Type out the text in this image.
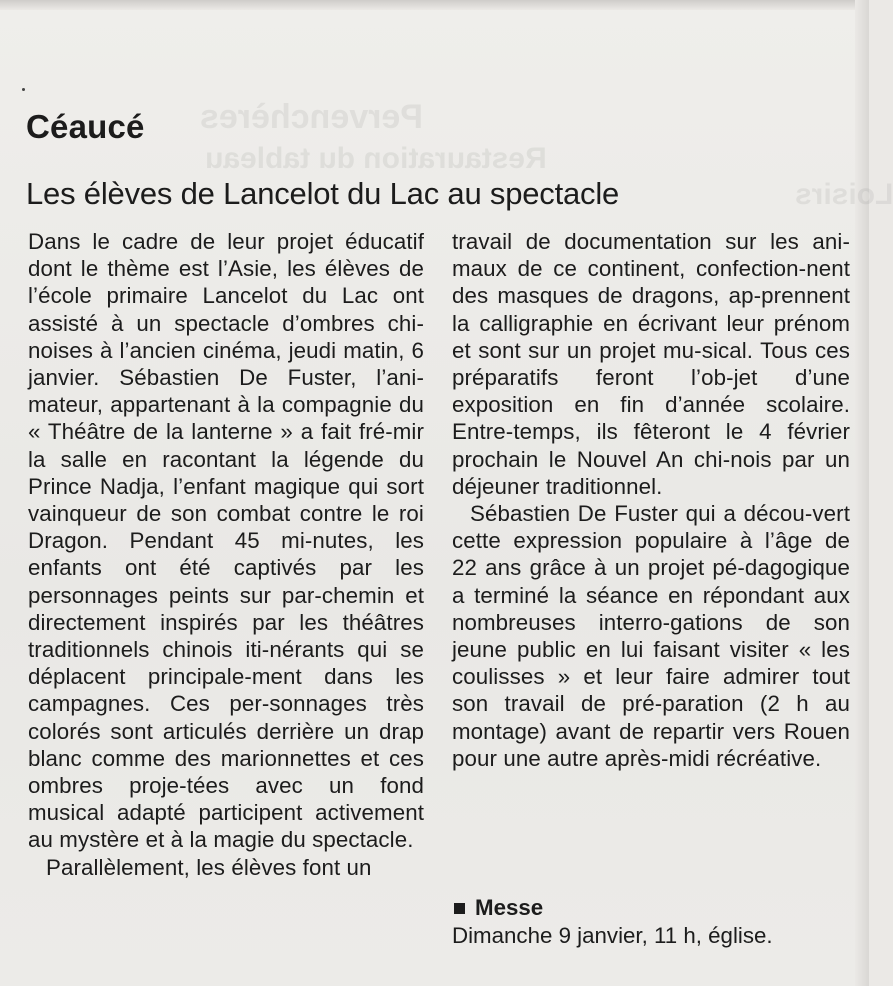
Pervenchères
Restauration du tableau
Loisirs
Céaucé
Les élèves de Lancelot du Lac au spectacle

Dans le cadre de leur projet éducatif dont le thème est l’Asie, les élèves de l’école primaire Lancelot du Lac ont assisté à un spectacle d’ombres chi-noises à l’ancien cinéma, jeudi matin, 6 janvier. Sébastien De Fuster, l’ani-mateur, appartenant à la compagnie du « Théâtre de la lanterne » a fait fré-mir la salle en racontant la légende du Prince Nadja, l’enfant magique qui sort vainqueur de son combat contre le roi Dragon. Pendant 45 mi-nutes, les enfants ont été captivés par les personnages peints sur par-chemin et directement inspirés par les théâtres traditionnels chinois iti-nérants qui se déplacent principale-ment dans les campagnes. Ces per-sonnages très colorés sont articulés derrière un drap blanc comme des marionnettes et ces ombres proje-tées avec un fond musical adapté participent activement au mystère et à la magie du spectacle.

Parallèlement, les élèves font un

travail de documentation sur les ani-maux de ce continent, confection-nent des masques de dragons, ap-prennent la calligraphie en écrivant leur prénom et sont sur un projet mu-sical. Tous ces préparatifs feront l’ob-jet d’une exposition en fin d’année scolaire. Entre-temps, ils fêteront le 4 février prochain le Nouvel An chi-nois par un déjeuner traditionnel.

Sébastien De Fuster qui a décou-vert cette expression populaire à l’âge de 22 ans grâce à un projet pé-dagogique a terminé la séance en répondant aux nombreuses interro-gations de son jeune public en lui faisant visiter « les coulisses » et leur faire admirer tout son travail de pré-paration (2 h au montage) avant de repartir vers Rouen pour une autre après-midi récréative.

Messe
Dimanche 9 janvier, 11 h, église.
